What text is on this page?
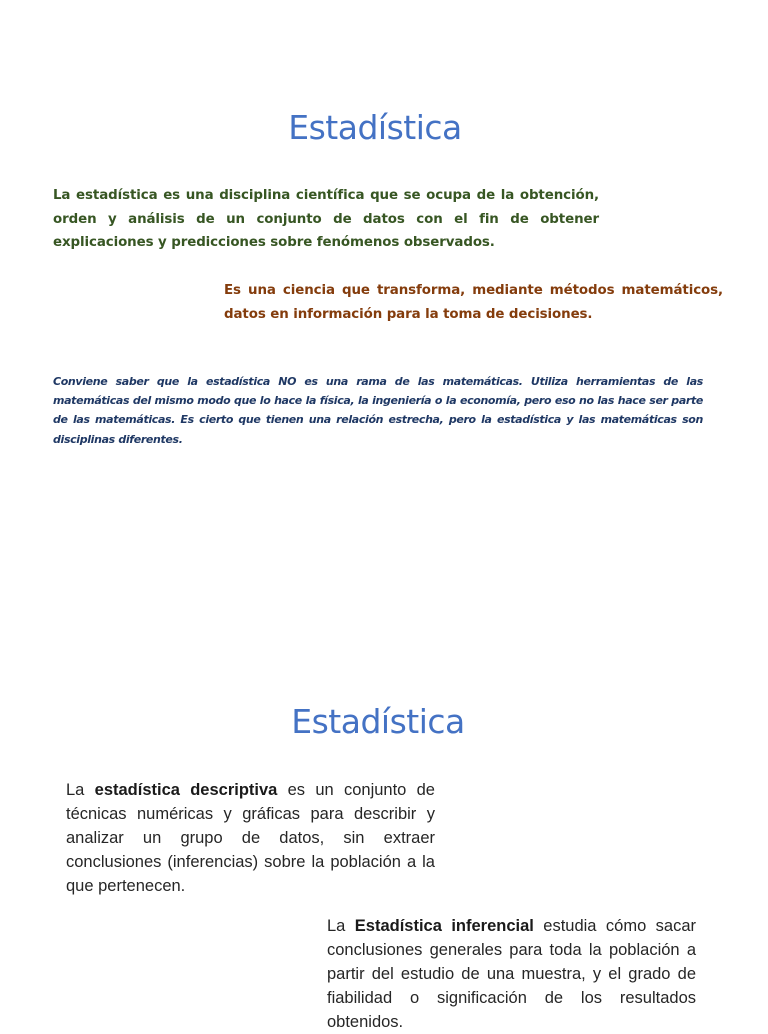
Estadística

La estadística es una disciplina científica que se ocupa de la obtención, orden y análisis de un conjunto de datos con el fin de obtener explicaciones y predicciones sobre fenómenos observados.

Es una ciencia que transforma, mediante métodos matemáticos, datos en información para la toma de decisiones.

Conviene saber que la estadística NO es una rama de las matemáticas. Utiliza herramientas de las matemáticas del mismo modo que lo hace la física, la ingeniería o la economía, pero eso no las hace ser parte de las matemáticas. Es cierto que tienen una relación estrecha, pero la estadística y las matemáticas son disciplinas diferentes.

Estadística

La estadística descriptiva es un conjunto de técnicas numéricas y gráficas para describir y analizar un grupo de datos, sin extraer conclusiones (inferencias) sobre la población a la que pertenecen.

La Estadística inferencial estudia cómo sacar conclusiones generales para toda la población a partir del estudio de una muestra, y el grado de fiabilidad o significación de los resultados obtenidos.
